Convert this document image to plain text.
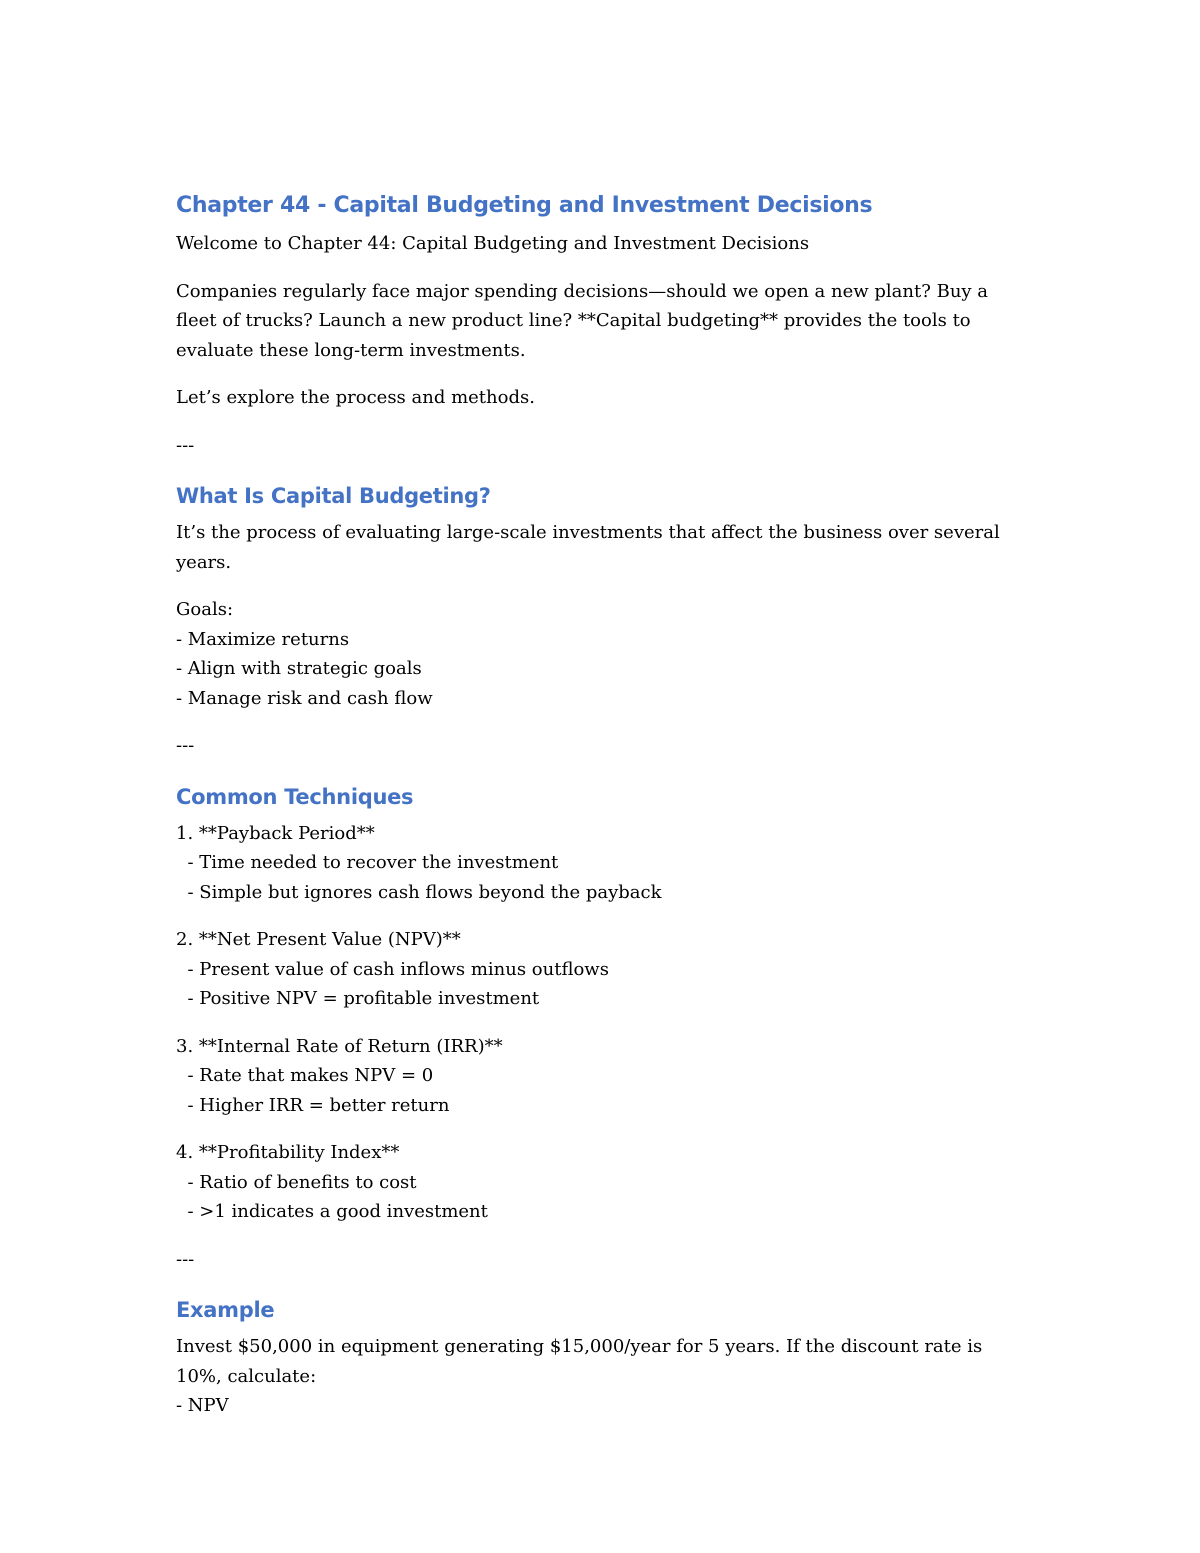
Chapter 44 - Capital Budgeting and Investment Decisions

Welcome to Chapter 44: Capital Budgeting and Investment Decisions

Companies regularly face major spending decisions—should we open a new plant? Buy a
fleet of trucks? Launch a new product line? **Capital budgeting** provides the tools to
evaluate these long-term investments.

Let’s explore the process and methods.

---

What Is Capital Budgeting?

It’s the process of evaluating large-scale investments that affect the business over several
years.

Goals:
- Maximize returns
- Align with strategic goals
- Manage risk and cash flow

---

Common Techniques

1. **Payback Period**
- Time needed to recover the investment
- Simple but ignores cash flows beyond the payback

2. **Net Present Value (NPV)**
- Present value of cash inflows minus outflows
- Positive NPV = profitable investment

3. **Internal Rate of Return (IRR)**
- Rate that makes NPV = 0
- Higher IRR = better return

4. **Profitability Index**
- Ratio of benefits to cost
- >1 indicates a good investment

---

Example

Invest $50,000 in equipment generating $15,000/year for 5 years. If the discount rate is
10%, calculate:
- NPV
